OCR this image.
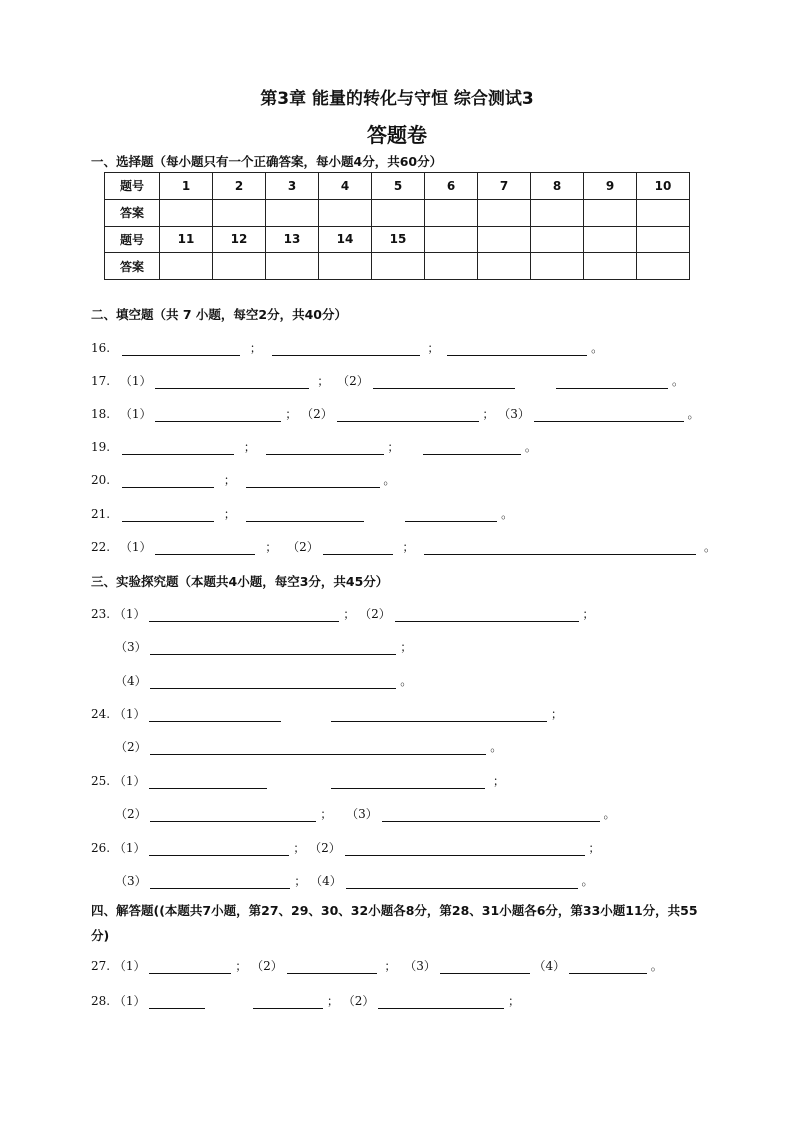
第3章 能量的转化与守恒 综合测试3
答题卷
一、选择题（每小题只有一个正确答案，每小题4分，共60分）
题号	1	2	3	4	5	6	7	8	9	10
答案										
题号	11	12	13	14	15					
答案										
二、填空题（共 7 小题，每空2分，共40分）
16.	；	；	。
17. （1）	； （2）	。
18. （1）	； （2）	； （3）	。
19.	；	；	。
20.	；	。
21.	；	。
22. （1）	； （2）	；	。
三、实验探究题（本题共4小题，每空3分，共45分）
23. （1）	； （2）	；
（3）	；
（4）	。
24. （1）	；
（2）	。
25. （1）	；
（2）	； （3）	。
26. （1）	； （2）	；
（3）	； （4）	。
四、解答题((本题共7小题，第27、29、30、32小题各8分，第28、31小题各6分，第33小题11分，共55分)
27. （1）	； （2）	； （3）	（4）	。
28. （1）	； （2）	；
